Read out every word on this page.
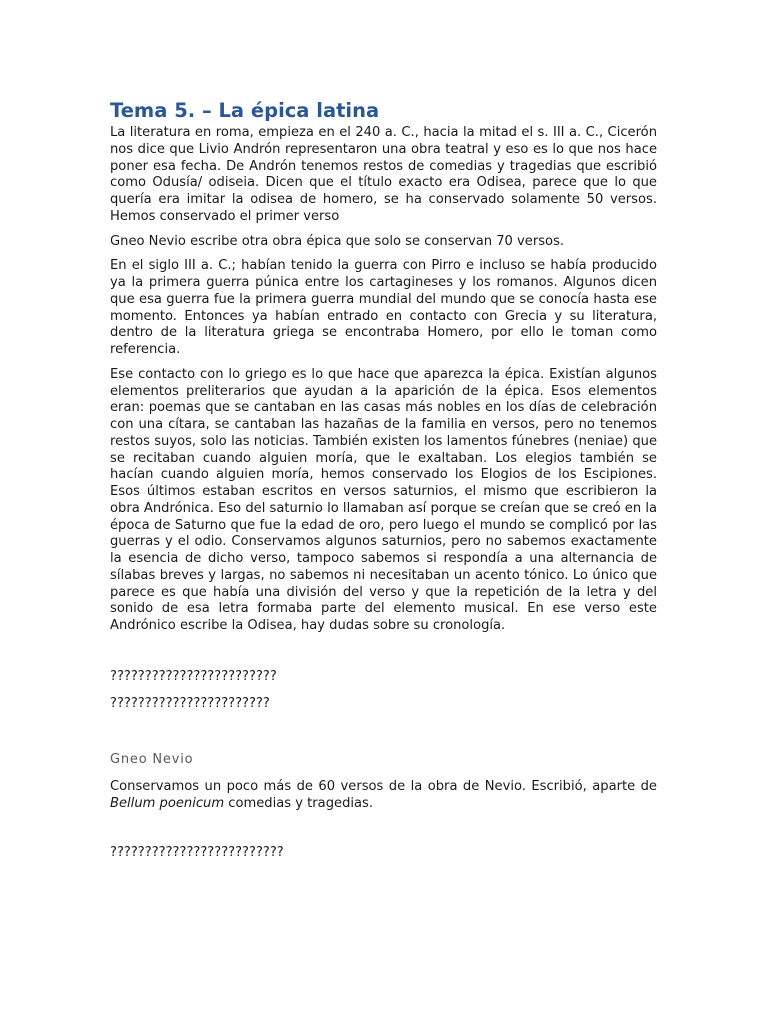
Tema 5. – La épica latina

La literatura en roma, empieza en el 240 a. C., hacia la mitad el s. III a. C., Cicerón nos dice que Livio Andrón representaron una obra teatral y eso es lo que nos hace poner esa fecha. De Andrón tenemos restos de comedias y tragedias que escribió como Odusía/ odiseia. Dicen que el título exacto era Odisea, parece que lo que quería era imitar la odisea de homero, se ha conservado solamente 50 versos. Hemos conservado el primer verso

Gneo Nevio escribe otra obra épica que solo se conservan 70 versos.

En el siglo III a. C.; habían tenido la guerra con Pirro e incluso se había producido ya la primera guerra púnica entre los cartagineses y los romanos. Algunos dicen que esa guerra fue la primera guerra mundial del mundo que se conocía hasta ese momento. Entonces ya habían entrado en contacto con Grecia y su literatura, dentro de la literatura griega se encontraba Homero, por ello le toman como referencia.

Ese contacto con lo griego es lo que hace que aparezca la épica. Existían algunos elementos preliterarios que ayudan a la aparición de la épica. Esos elementos eran: poemas que se cantaban en las casas más nobles en los días de celebración con una cítara, se cantaban las hazañas de la familia en versos, pero no tenemos restos suyos, solo las noticias. También existen los lamentos fúnebres (neniae) que se recitaban cuando alguien moría, que le exaltaban. Los elegios también se hacían cuando alguien moría, hemos conservado los Elogios de los Escipiones. Esos últimos estaban escritos en versos saturnios, el mismo que escribieron la obra Andrónica. Eso del saturnio lo llamaban así porque se creían que se creó en la época de Saturno que fue la edad de oro, pero luego el mundo se complicó por las guerras y el odio. Conservamos algunos saturnios, pero no sabemos exactamente la esencia de dicho verso, tampoco sabemos si respondía a una alternancia de sílabas breves y largas, no sabemos ni necesitaban un acento tónico. Lo único que parece es que había una división del verso y que la repetición de la letra y del sonido de esa letra formaba parte del elemento musical. En ese verso este Andrónico escribe la Odisea, hay dudas sobre su cronología.

????????????????????????

???????????????????????

Gneo Nevio

Conservamos un poco más de 60 versos de la obra de Nevio. Escribió, aparte de Bellum poenicum comedias y tragedias.

?????????????????????????
